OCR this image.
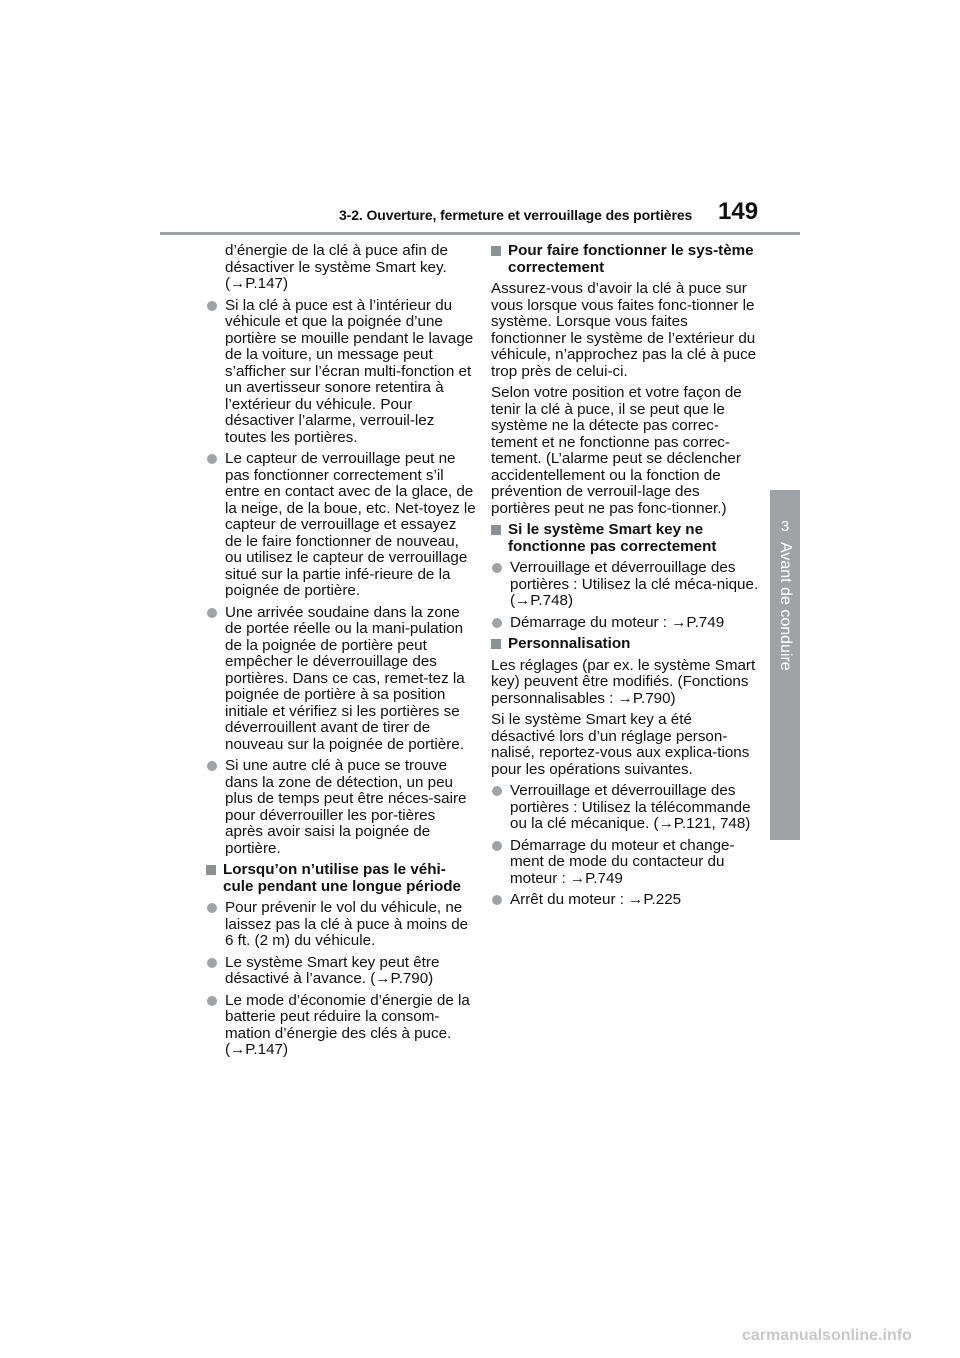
3-2. Ouverture, fermeture et verrouillage des portières 149
3
Avant de conduire

d’énergie de la clé à puce afin de désactiver le système Smart key. (→P.147)

Si la clé à puce est à l’intérieur du véhicule et que la poignée d’une portière se mouille pendant le lavage de la voiture, un message peut s’afficher sur l’écran multi-fonction et un avertisseur sonore retentira à l’extérieur du véhicule. Pour désactiver l’alarme, verrouil-lez toutes les portières.
Le capteur de verrouillage peut ne pas fonctionner correctement s’il entre en contact avec de la glace, de la neige, de la boue, etc. Net-toyez le capteur de verrouillage et essayez de le faire fonctionner de nouveau, ou utilisez le capteur de verrouillage situé sur la partie infé-rieure de la poignée de portière.
Une arrivée soudaine dans la zone de portée réelle ou la mani-pulation de la poignée de portière peut empêcher le déverrouillage des portières. Dans ce cas, remet-tez la poignée de portière à sa position initiale et vérifiez si les portières se déverrouillent avant de tirer de nouveau sur la poignée de portière.
Si une autre clé à puce se trouve dans la zone de détection, un peu plus de temps peut être néces-saire pour déverrouiller les por-tières après avoir saisi la poignée de portière.
Lorsqu’on n’utilise pas le véhi-cule pendant une longue période
Pour prévenir le vol du véhicule, ne laissez pas la clé à puce à moins de 6 ft. (2 m) du véhicule.
Le système Smart key peut être désactivé à l’avance. (→P.790)
Le mode d’économie d’énergie de la batterie peut réduire la consom-mation d’énergie des clés à puce. (→P.147)
Pour faire fonctionner le sys-tème correctement

Assurez-vous d’avoir la clé à puce sur vous lorsque vous faites fonc-tionner le système. Lorsque vous faites fonctionner le système de l’extérieur du véhicule, n’approchez pas la clé à puce trop près de celui-ci.

Selon votre position et votre façon de tenir la clé à puce, il se peut que le système ne la détecte pas correc-tement et ne fonctionne pas correc-tement. (L’alarme peut se déclencher accidentellement ou la fonction de prévention de verrouil-lage des portières peut ne pas fonc-tionner.)

Si le système Smart key ne fonctionne pas correctement
Verrouillage et déverrouillage des portières : Utilisez la clé méca-nique. (→P.748)
Démarrage du moteur : →P.749
Personnalisation

Les réglages (par ex. le système Smart key) peuvent être modifiés. (Fonctions personnalisables : →P.790)

Si le système Smart key a été désactivé lors d’un réglage person-nalisé, reportez-vous aux explica-tions pour les opérations suivantes.

Verrouillage et déverrouillage des portières : Utilisez la télécommande ou la clé mécanique. (→P.121, 748)
Démarrage du moteur et change-ment de mode du contacteur du moteur : →P.749
Arrêt du moteur : →P.225
carmanualsonline.info
